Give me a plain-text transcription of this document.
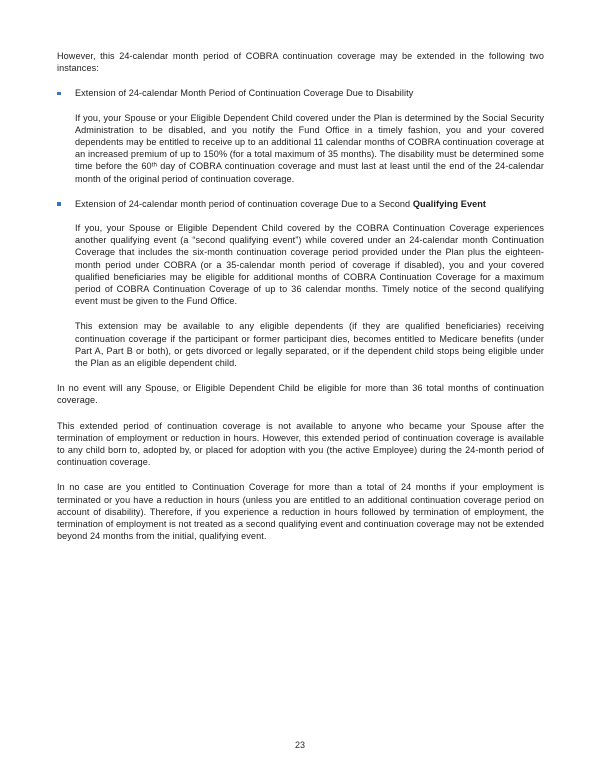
However, this 24-calendar month period of COBRA continuation coverage may be extended in the following two instances:

Extension of 24-calendar Month Period of Continuation Coverage Due to Disability

If you, your Spouse or your Eligible Dependent Child covered under the Plan is determined by the Social Security Administration to be disabled, and you notify the Fund Office in a timely fashion, you and your covered dependents may be entitled to receive up to an additional 11 calendar months of COBRA continuation coverage at an increased premium of up to 150% (for a total maximum of 35 months). The disability must be determined some time before the 60th day of COBRA continuation coverage and must last at least until the end of the 24-calendar month of the original period of continuation coverage.

Extension of 24-calendar month period of continuation coverage Due to a Second Qualifying Event

If you, your Spouse or Eligible Dependent Child covered by the COBRA Continuation Coverage experiences another qualifying event (a “second qualifying event”) while covered under an 24-calendar month Continuation Coverage that includes the six-month continuation coverage period provided under the Plan plus the eighteen-month period under COBRA (or a 35-calendar month period of coverage if disabled), you and your covered qualified beneficiaries may be eligible for additional months of COBRA Continuation Coverage for a maximum period of COBRA Continuation Coverage of up to 36 calendar months. Timely notice of the second qualifying event must be given to the Fund Office.

This extension may be available to any eligible dependents (if they are qualified beneficiaries) receiving continuation coverage if the participant or former participant dies, becomes entitled to Medicare benefits (under Part A, Part B or both), or gets divorced or legally separated, or if the dependent child stops being eligible under the Plan as an eligible dependent child.

In no event will any Spouse, or Eligible Dependent Child be eligible for more than 36 total months of continuation coverage.

This extended period of continuation coverage is not available to anyone who became your Spouse after the termination of employment or reduction in hours. However, this extended period of continuation coverage is available to any child born to, adopted by, or placed for adoption with you (the active Employee) during the 24-month period of continuation coverage.

In no case are you entitled to Continuation Coverage for more than a total of 24 months if your employment is terminated or you have a reduction in hours (unless you are entitled to an additional continuation coverage period on account of disability). Therefore, if you experience a reduction in hours followed by termination of employment, the termination of employment is not treated as a second qualifying event and continuation coverage may not be extended beyond 24 months from the initial, qualifying event.

23
